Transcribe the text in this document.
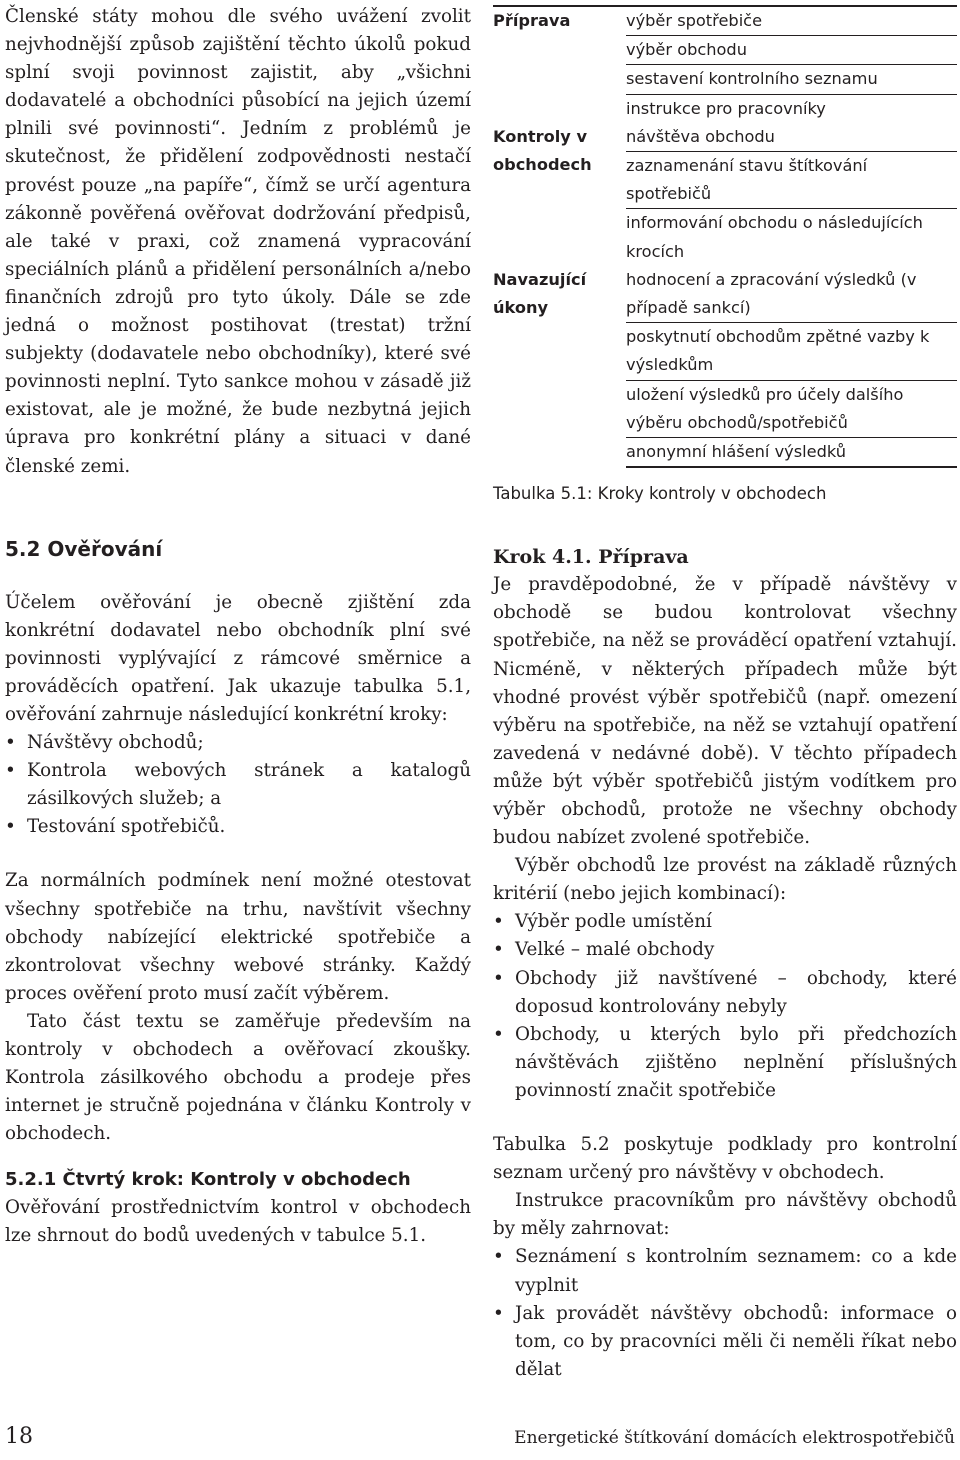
Členské státy mohou dle svého uvážení zvolit nejvhodnější způsob zajištění těchto úkolů pokud splní svoji povinnost zajistit, aby „všichni dodavatelé a obchodníci působící na jejich území plnili své povinnosti“. Jedním z problémů je skutečnost, že přidělení zodpovědnosti nestačí provést pouze „na papíře“, čímž se určí agentura zákonně pověřená ověřovat dodržování předpisů, ale také v praxi, což znamená vypracování speciálních plánů a přidělení personálních a/nebo finančních zdrojů pro tyto úkoly. Dále se zde jedná o možnost postihovat (trestat) tržní subjekty (dodavatele nebo obchodníky), které své povinnosti neplní. Tyto sankce mohou v zásadě již existovat, ale je možné, že bude nezbytná jejich úprava pro konkrétní plány a situaci v dané členské zemi.

5.2 Ověřování

Účelem ověřování je obecně zjištění zda konkrétní dodavatel nebo obchodník plní své povinnosti vyplývající z rámcové směrnice a prováděcích opatření. Jak ukazuje tabulka 5.1, ověřování zahrnuje následující konkrétní kroky:

• Návštěvy obchodů;
• Kontrola webových stránek a katalogů zásilkových služeb; a
• Testování spotřebičů.

Za normálních podmínek není možné otestovat všechny spotřebiče na trhu, navštívit všechny obchody nabízející elektrické spotřebiče a zkontrolovat všechny webové stránky. Každý proces ověření proto musí začít výběrem.

Tato část textu se zaměřuje především na kontroly v obchodech a ověřovací zkoušky. Kontrola zásilkového obchodu a prodeje přes internet je stručně pojednána v článku Kontroly v obchodech.

5.2.1 Čtvrtý krok: Kontroly v obchodech

Ověřování prostřednictvím kontrol v obchodech lze shrnout do bodů uvedených v tabulce 5.1.

Příprava	výběr spotřebiče
	výběr obchodu
	sestavení kontrolního seznamu
	instrukce pro pracovníky
Kontroly v obchodech	návštěva obchodu
	zaznamenání stavu štítkování spotřebičů
	informování obchodu o následujících krocích
Navazující úkony	hodnocení a zpracování výsledků (v případě sankcí)
	poskytnutí obchodům zpětné vazby k výsledkům
	uložení výsledků pro účely dalšího výběru obchodů/spotřebičů
	anonymní hlášení výsledků
Tabulka 5.1: Kroky kontroly v obchodech
Krok 4.1. Příprava

Je pravděpodobné, že v případě návštěvy v obchodě se budou kontrolovat všechny spotřebiče, na něž se prováděcí opatření vztahují. Nicméně, v některých případech může být vhodné provést výběr spotřebičů (např. omezení výběru na spotřebiče, na něž se vztahují opatření zavedená v nedávné době). V těchto případech může být výběr spotřebičů jistým vodítkem pro výběr obchodů, protože ne všechny obchody budou nabízet zvolené spotřebiče.

Výběr obchodů lze provést na základě různých kritérií (nebo jejich kombinací):

• Výběr podle umístění
• Velké – malé obchody
• Obchody již navštívené – obchody, které doposud kontrolovány nebyly
• Obchody, u kterých bylo při předchozích návštěvách zjištěno neplnění příslušných povinností značit spotřebiče

Tabulka 5.2 poskytuje podklady pro kontrolní seznam určený pro návštěvy v obchodech.

Instrukce pracovníkům pro návštěvy obchodů by měly zahrnovat:

• Seznámení s kontrolním seznamem: co a kde vyplnit
• Jak provádět návštěvy obchodů: informace o tom, co by pracovníci měli či neměli říkat nebo dělat
18	Energetické štítkování domácích elektrospotřebičů
